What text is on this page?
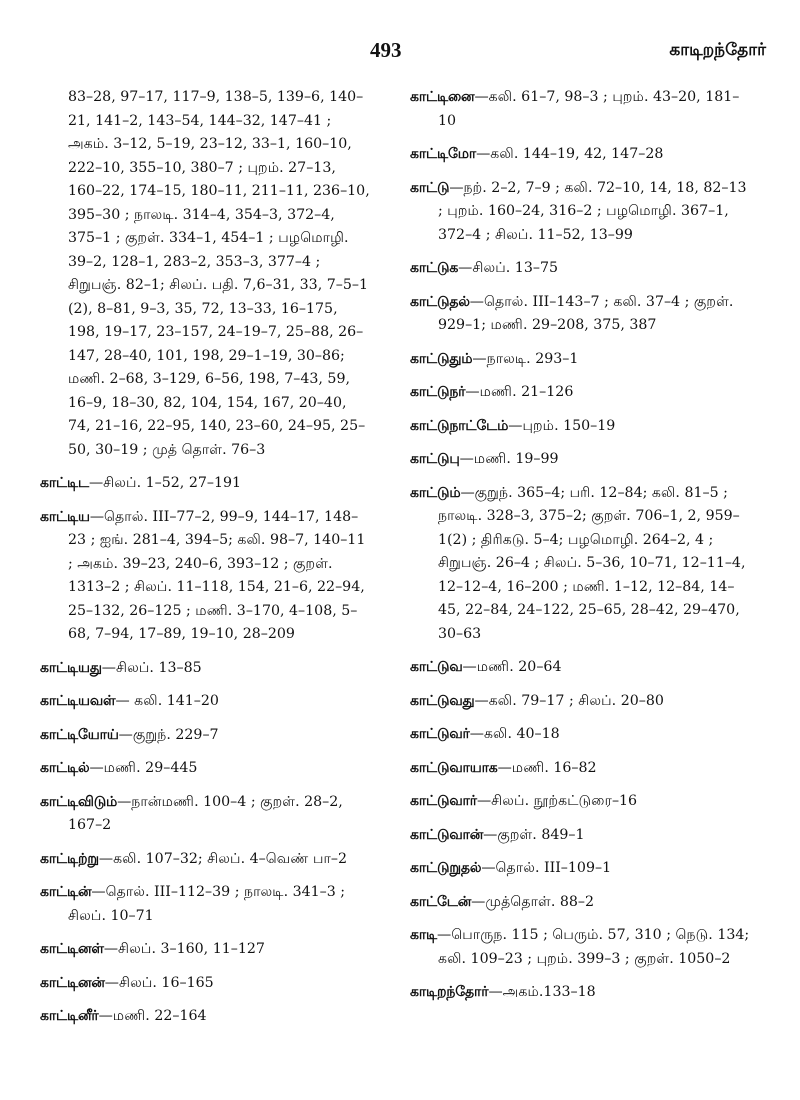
493	காடிறந்தோர்
83–28, 97–17, 117–9, 138–5, 139–6, 140–21, 141–2, 143–54, 144–32, 147–41 ; அகம். 3–12, 5–19, 23–12, 33–1, 160–10, 222–10, 355–10, 380–7 ; புறம். 27–13, 160–22, 174–15, 180–11, 211–11, 236–10, 395–30 ; நாலடி. 314–4, 354–3, 372–4, 375–1 ; குறள். 334–1, 454–1 ; பழமொழி. 39–2, 128–1, 283–2, 353–3, 377–4 ; சிறுபஞ். 82–1; சிலப். பதி. 7,6–31, 33, 7–5–1 (2), 8–81, 9–3, 35, 72, 13–33, 16–175, 198, 19–17, 23–157, 24–19–7, 25–88, 26–147, 28–40, 101, 198, 29–1–19, 30–86; மணி. 2–68, 3–129, 6–56, 198, 7–43, 59, 16–9, 18–30, 82, 104, 154, 167, 20–40, 74, 21–16, 22–95, 140, 23–60, 24–95, 25–50, 30–19 ; முத் தொள். 76–3
காட்டிட—சிலப். 1–52, 27–191
காட்டிய—தொல். III–77–2, 99–9, 144–17, 148–23 ; ஐங். 281–4, 394–5; கலி. 98–7, 140–11 ; அகம். 39–23, 240–6, 393–12 ; குறள். 1313–2 ; சிலப். 11–118, 154, 21–6, 22–94, 25–132, 26–125 ; மணி. 3–170, 4–108, 5–68, 7–94, 17–89, 19–10, 28–209
காட்டியது—சிலப். 13–85
காட்டியவள்— கலி. 141–20
காட்டியோய்—குறுந். 229–7
காட்டில்—மணி. 29–445
காட்டிவிடும்—நான்மணி. 100–4 ; குறள். 28–2, 167–2
காட்டிற்று—கலி. 107–32; சிலப். 4–வெண் பா–2
காட்டின்—தொல். III–112–39 ; நாலடி. 341–3 ; சிலப். 10–71
காட்டினள்—சிலப். 3–160, 11–127
காட்டினன்—சிலப். 16–165
காட்டினீர்—மணி. 22–164
காட்டினை—கலி. 61–7, 98–3 ; புறம். 43–20, 181–10
காட்டிமோ—கலி. 144–19, 42, 147–28
காட்டு—நற். 2–2, 7–9 ; கலி. 72–10, 14, 18, 82–13 ; புறம். 160–24, 316–2 ; பழமொழி. 367–1, 372–4 ; சிலப். 11–52, 13–99
காட்டுக—சிலப். 13–75
காட்டுதல்—தொல். III–143–7 ; கலி. 37–4 ; குறள். 929–1; மணி. 29–208, 375, 387
காட்டுதும்—நாலடி. 293–1
காட்டுநர்—மணி. 21–126
காட்டுநாட்டேம்—புறம். 150–19
காட்டுபு—மணி. 19–99
காட்டும்—குறுந். 365–4; பரி. 12–84; கலி. 81–5 ; நாலடி. 328–3, 375–2; குறள். 706–1, 2, 959–1(2) ; திரிகடு. 5–4; பழமொழி. 264–2, 4 ; சிறுபஞ். 26–4 ; சிலப். 5–36, 10–71, 12–11–4, 12–12–4, 16–200 ; மணி. 1–12, 12–84, 14–45, 22–84, 24–122, 25–65, 28–42, 29–470, 30–63
காட்டுவ—மணி. 20–64
காட்டுவது—கலி. 79–17 ; சிலப். 20–80
காட்டுவர்—கலி. 40–18
காட்டுவாயாக—மணி. 16–82
காட்டுவார்—சிலப். நூற்கட்டுரை–16
காட்டுவான்—குறள். 849–1
காட்டுறுதல்—தொல். III–109–1
காட்டேன்—முத்தொள். 88–2
காடி—பொருந. 115 ; பெரும். 57, 310 ; நெடு. 134; கலி. 109–23 ; புறம். 399–3 ; குறள். 1050–2
காடிறந்தோர்—அகம்.133–18
